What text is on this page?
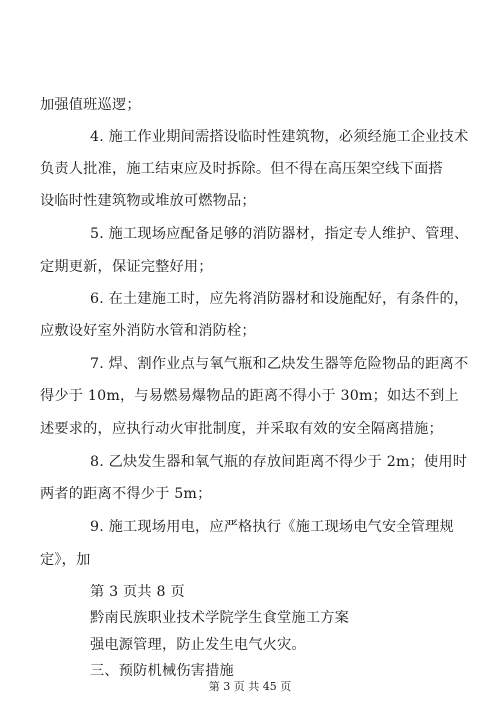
加强值班巡逻；
4. 施工作业期间需搭设临时性建筑物，必须经施工企业技术
负责人批准，施工结束应及时拆除。但不得在高压架空线下面搭
设临时性建筑物或堆放可燃物品；
5. 施工现场应配备足够的消防器材，指定专人维护、管理、
定期更新，保证完整好用；
6. 在土建施工时，应先将消防器材和设施配好，有条件的，
应敷设好室外消防水管和消防栓；
7. 焊、割作业点与氧气瓶和乙炔发生器等危险物品的距离不
得少于 10m，与易燃易爆物品的距离不得小于 30m；如达不到上
述要求的，应执行动火审批制度，并采取有效的安全隔离措施；
8. 乙炔发生器和氧气瓶的存放间距离不得少于 2m；使用时
两者的距离不得少于 5m；
9. 施工现场用电，应严格执行《施工现场电气安全管理规
定》，加
第 3 页共 8 页
黔南民族职业技术学院学生食堂施工方案
强电源管理，防止发生电气火灾。
三、预防机械伤害措施
第 3 页 共 45 页
